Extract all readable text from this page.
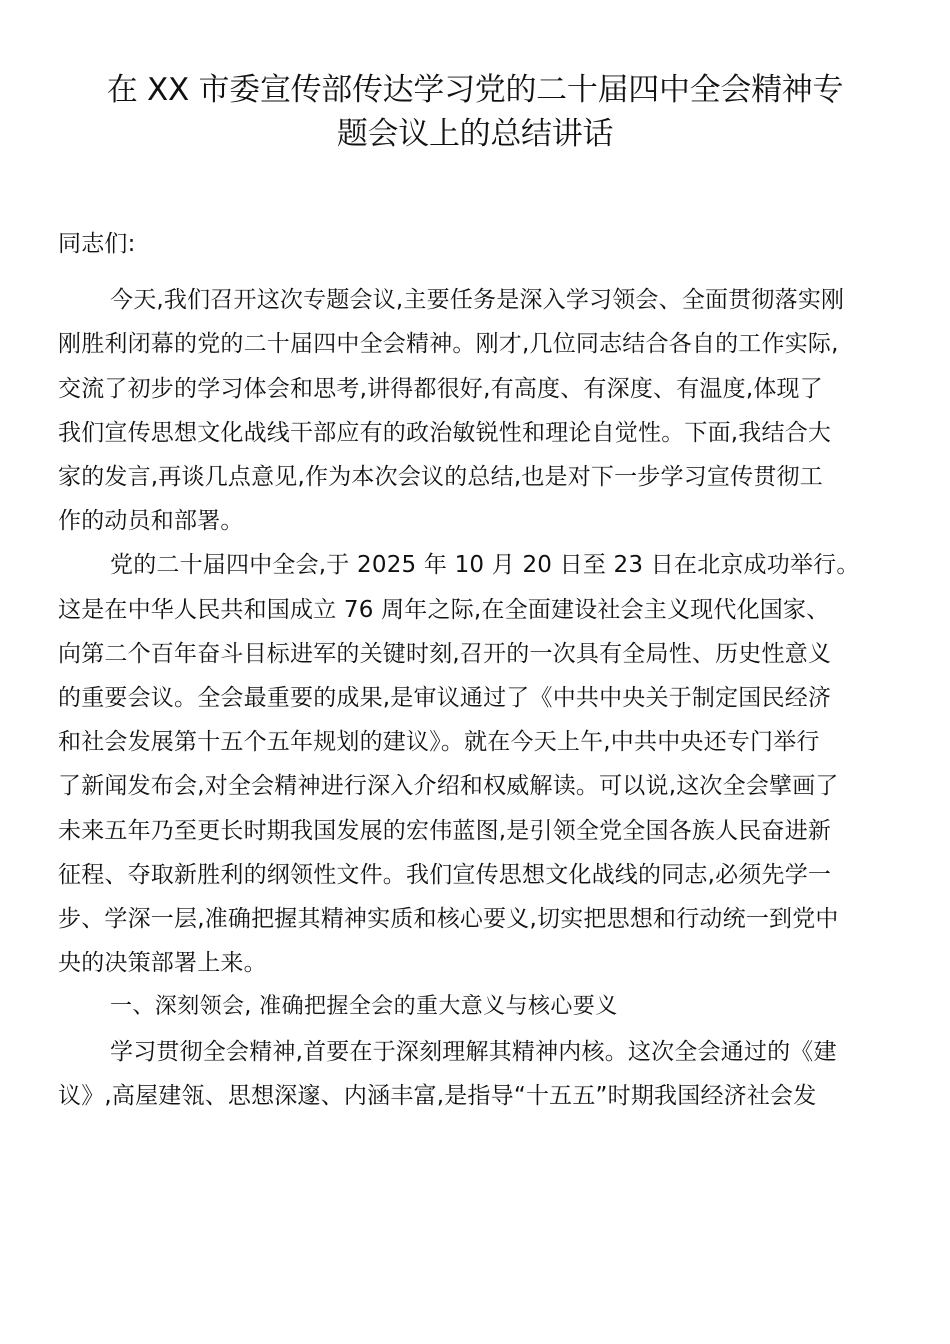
在 XX 市委宣传部传达学习党的二十届四中全会精神专
题会议上的总结讲话

同志们:

今天,我们召开这次专题会议,主要任务是深入学习领会、全面贯彻落实刚
刚胜利闭幕的党的二十届四中全会精神。刚才,几位同志结合各自的工作实际,
交流了初步的学习体会和思考,讲得都很好,有高度、有深度、有温度,体现了
我们宣传思想文化战线干部应有的政治敏锐性和理论自觉性。下面,我结合大
家的发言,再谈几点意见,作为本次会议的总结,也是对下一步学习宣传贯彻工
作的动员和部署。

党的二十届四中全会,于 2025 年 10 月 20 日至 23 日在北京成功举行。
这是在中华人民共和国成立 76 周年之际,在全面建设社会主义现代化国家、
向第二个百年奋斗目标进军的关键时刻,召开的一次具有全局性、历史性意义
的重要会议。全会最重要的成果,是审议通过了《中共中央关于制定国民经济
和社会发展第十五个五年规划的建议》。就在今天上午,中共中央还专门举行
了新闻发布会,对全会精神进行深入介绍和权威解读。可以说,这次全会擘画了
未来五年乃至更长时期我国发展的宏伟蓝图,是引领全党全国各族人民奋进新
征程、夺取新胜利的纲领性文件。我们宣传思想文化战线的同志,必须先学一
步、学深一层,准确把握其精神实质和核心要义,切实把思想和行动统一到党中
央的决策部署上来。

一、深刻领会, 准确把握全会的重大意义与核心要义

学习贯彻全会精神,首要在于深刻理解其精神内核。这次全会通过的《建
议》,高屋建瓴、思想深邃、内涵丰富,是指导“十五五”时期我国经济社会发
